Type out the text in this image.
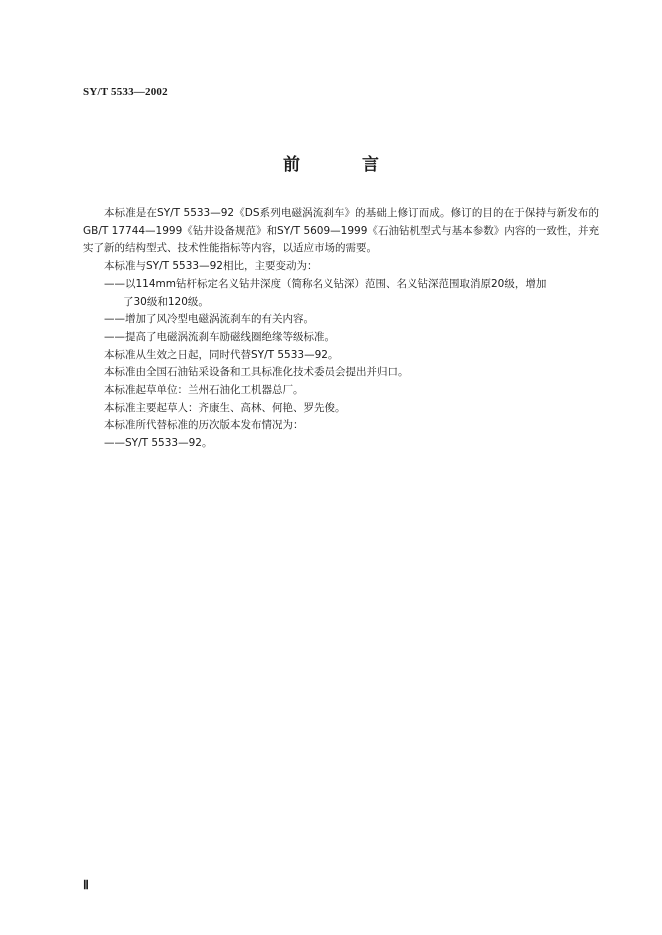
SY/T 5533—2002
前 言

本标准是在SY/T 5533—92《DS系列电磁涡流刹车》的基础上修订而成。修订的目的在于保持与新发布的GB/T 17744—1999《钻井设备规范》和SY/T 5609—1999《石油钻机型式与基本参数》内容的一致性，并充实了新的结构型式、技术性能指标等内容，以适应市场的需要。

本标准与SY/T 5533—92相比，主要变动为：

——以114mm钻杆标定名义钻井深度（简称名义钻深）范围、名义钻深范围取消原20级，增加

了30级和120级。

——增加了风冷型电磁涡流刹车的有关内容。

——提高了电磁涡流刹车励磁线圈绝缘等级标准。

本标准从生效之日起，同时代替SY/T 5533—92。

本标准由全国石油钻采设备和工具标准化技术委员会提出并归口。

本标准起草单位：兰州石油化工机器总厂。

本标准主要起草人：齐康生、高林、何艳、罗先俊。

本标准所代替标准的历次版本发布情况为：

——SY/T 5533—92。

Ⅱ
